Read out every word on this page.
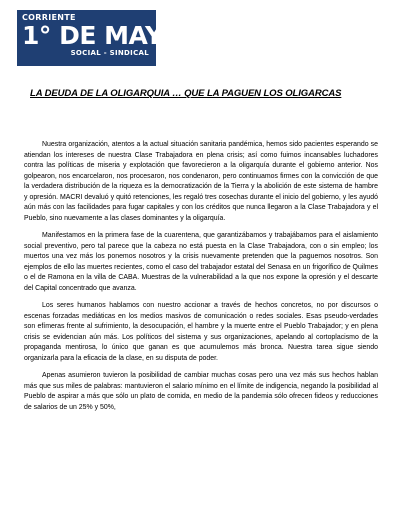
CORRIENTE
1° DE MAYO
SOCIAL - SINDICAL
LA DEUDA DE LA OLIGARQUIA … QUE LA PAGUEN LOS OLIGARCAS

Nuestra organización, atentos a la actual situación sanitaria pandémica, hemos sido pacientes esperando se atiendan los intereses de nuestra Clase Trabajadora en plena crisis; así como fuimos incansables luchadores contra las políticas de miseria y explotación que favorecieron a la oligarquía durante el gobierno anterior. Nos golpearon, nos encarcelaron, nos procesaron, nos condenaron, pero continuamos firmes con la convicción de que la verdadera distribución de la riqueza es la democratización de la Tierra y la abolición de este sistema de hambre y opresión. MACRI devaluó y quitó retenciones, les regaló tres cosechas durante el inicio del gobierno, y les ayudó aún más con las facilidades para fugar capitales y con los créditos que nunca llegaron a la Clase Trabajadora y el Pueblo, sino nuevamente a las clases dominantes y la oligarquía.

Manifestamos en la primera fase de la cuarentena, que garantizábamos y trabajábamos para el aislamiento social preventivo, pero tal parece que la cabeza no está puesta en la Clase Trabajadora, con o sin empleo; los muertos una vez más los ponemos nosotros y la crisis nuevamente pretenden que la paguemos nosotros. Son ejemplos de ello las muertes recientes, como el caso del trabajador estatal del Senasa en un frigorífico de Quilmes o el de Ramona en la villa de CABA. Muestras de la vulnerabilidad a la que nos expone la opresión y el descarte del Capital concentrado que avanza.

Los seres humanos hablamos con nuestro accionar a través de hechos concretos, no por discursos o escenas forzadas mediáticas en los medios masivos de comunicación o redes sociales. Esas pseudo-verdades son efímeras frente al sufrimiento, la desocupación, el hambre y la muerte entre el Pueblo Trabajador; y en plena crisis se evidencian aún más. Los políticos del sistema y sus organizaciones, apelando al cortoplacismo de la propaganda mentirosa, lo único que ganan es que acumulemos más bronca. Nuestra tarea sigue siendo organizarla para la eficacia de la clase, en su disputa de poder.

Apenas asumieron tuvieron la posibilidad de cambiar muchas cosas pero una vez más sus hechos hablan más que sus miles de palabras: mantuvieron el salario mínimo en el límite de indigencia, negando la posibilidad al Pueblo de aspirar a más que sólo un plato de comida, en medio de la pandemia sólo ofrecen fideos y reducciones de salarios de un 25% y 50%,
